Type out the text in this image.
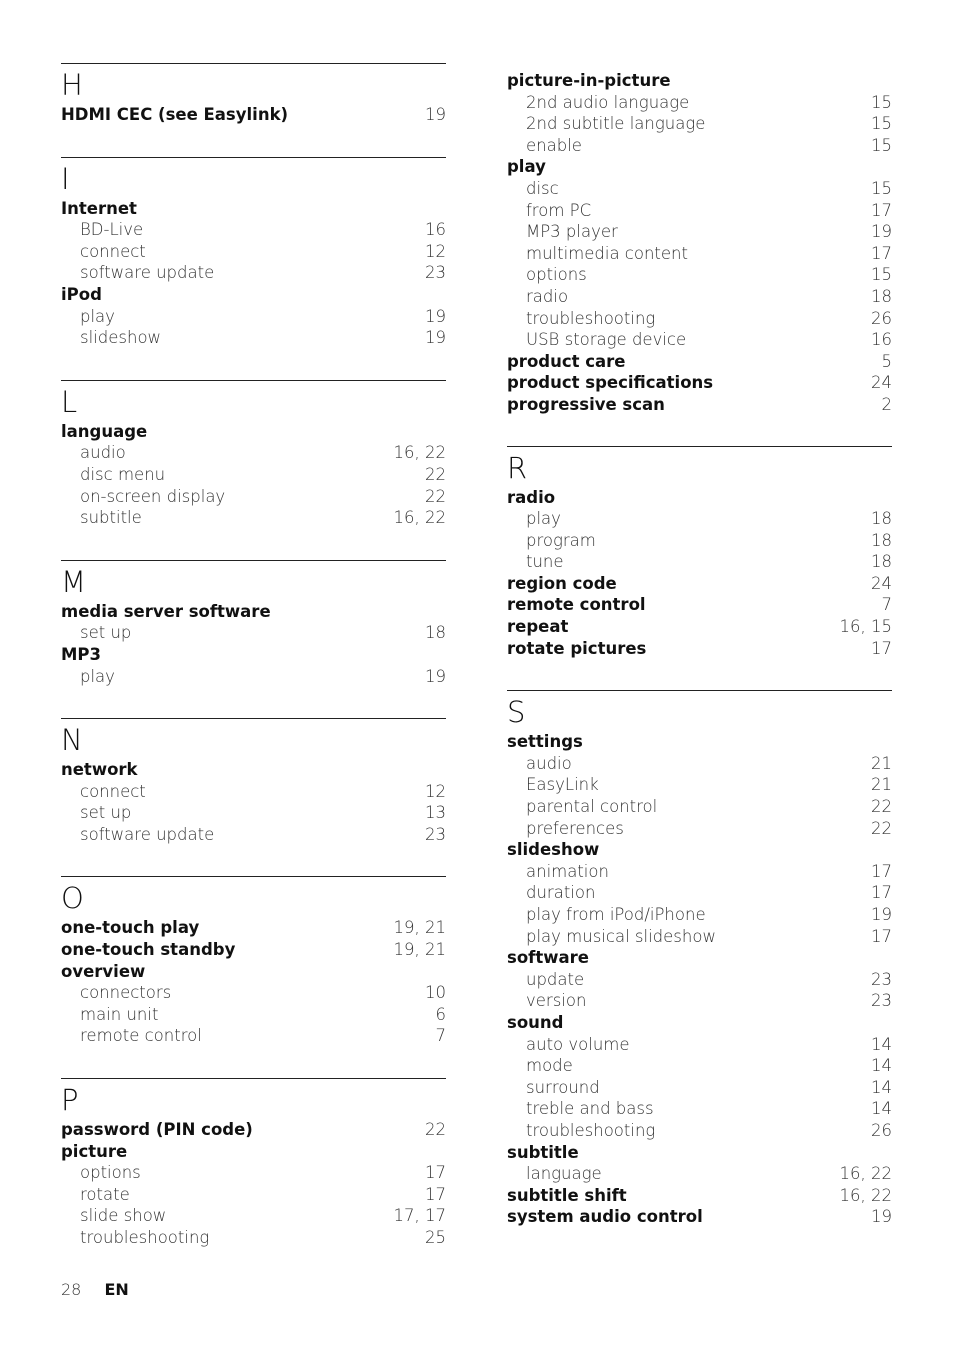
H
HDMI CEC (see Easylink)	19
I
Internet
BD-Live	16
connect	12
software update	23
iPod
play	19
slideshow	19
L
language
audio	16, 22
disc menu	22
on-screen display	22
subtitle	16, 22
M
media server software
set up	18
MP3
play	19
N
network
connect	12
set up	13
software update	23
O
one-touch play	19, 21
one-touch standby	19, 21
overview
connectors	10
main unit	6
remote control	7
P
password (PIN code)	22
picture
options	17
rotate	17
slide show	17, 17
troubleshooting	25
picture-in-picture
2nd audio language	15
2nd subtitle language	15
enable	15
play
disc	15
from PC	17
MP3 player	19
multimedia content	17
options	15
radio	18
troubleshooting	26
USB storage device	16
product care	5
product specifications	24
progressive scan	2
R
radio
play	18
program	18
tune	18
region code	24
remote control	7
repeat	16, 15
rotate pictures	17
S
settings
audio	21
EasyLink	21
parental control	22
preferences	22
slideshow
animation	17
duration	17
play from iPod/iPhone	19
play musical slideshow	17
software
update	23
version	23
sound
auto volume	14
mode	14
surround	14
treble and bass	14
troubleshooting	26
subtitle
language	16, 22
subtitle shift	16, 22
system audio control	19
28 EN
